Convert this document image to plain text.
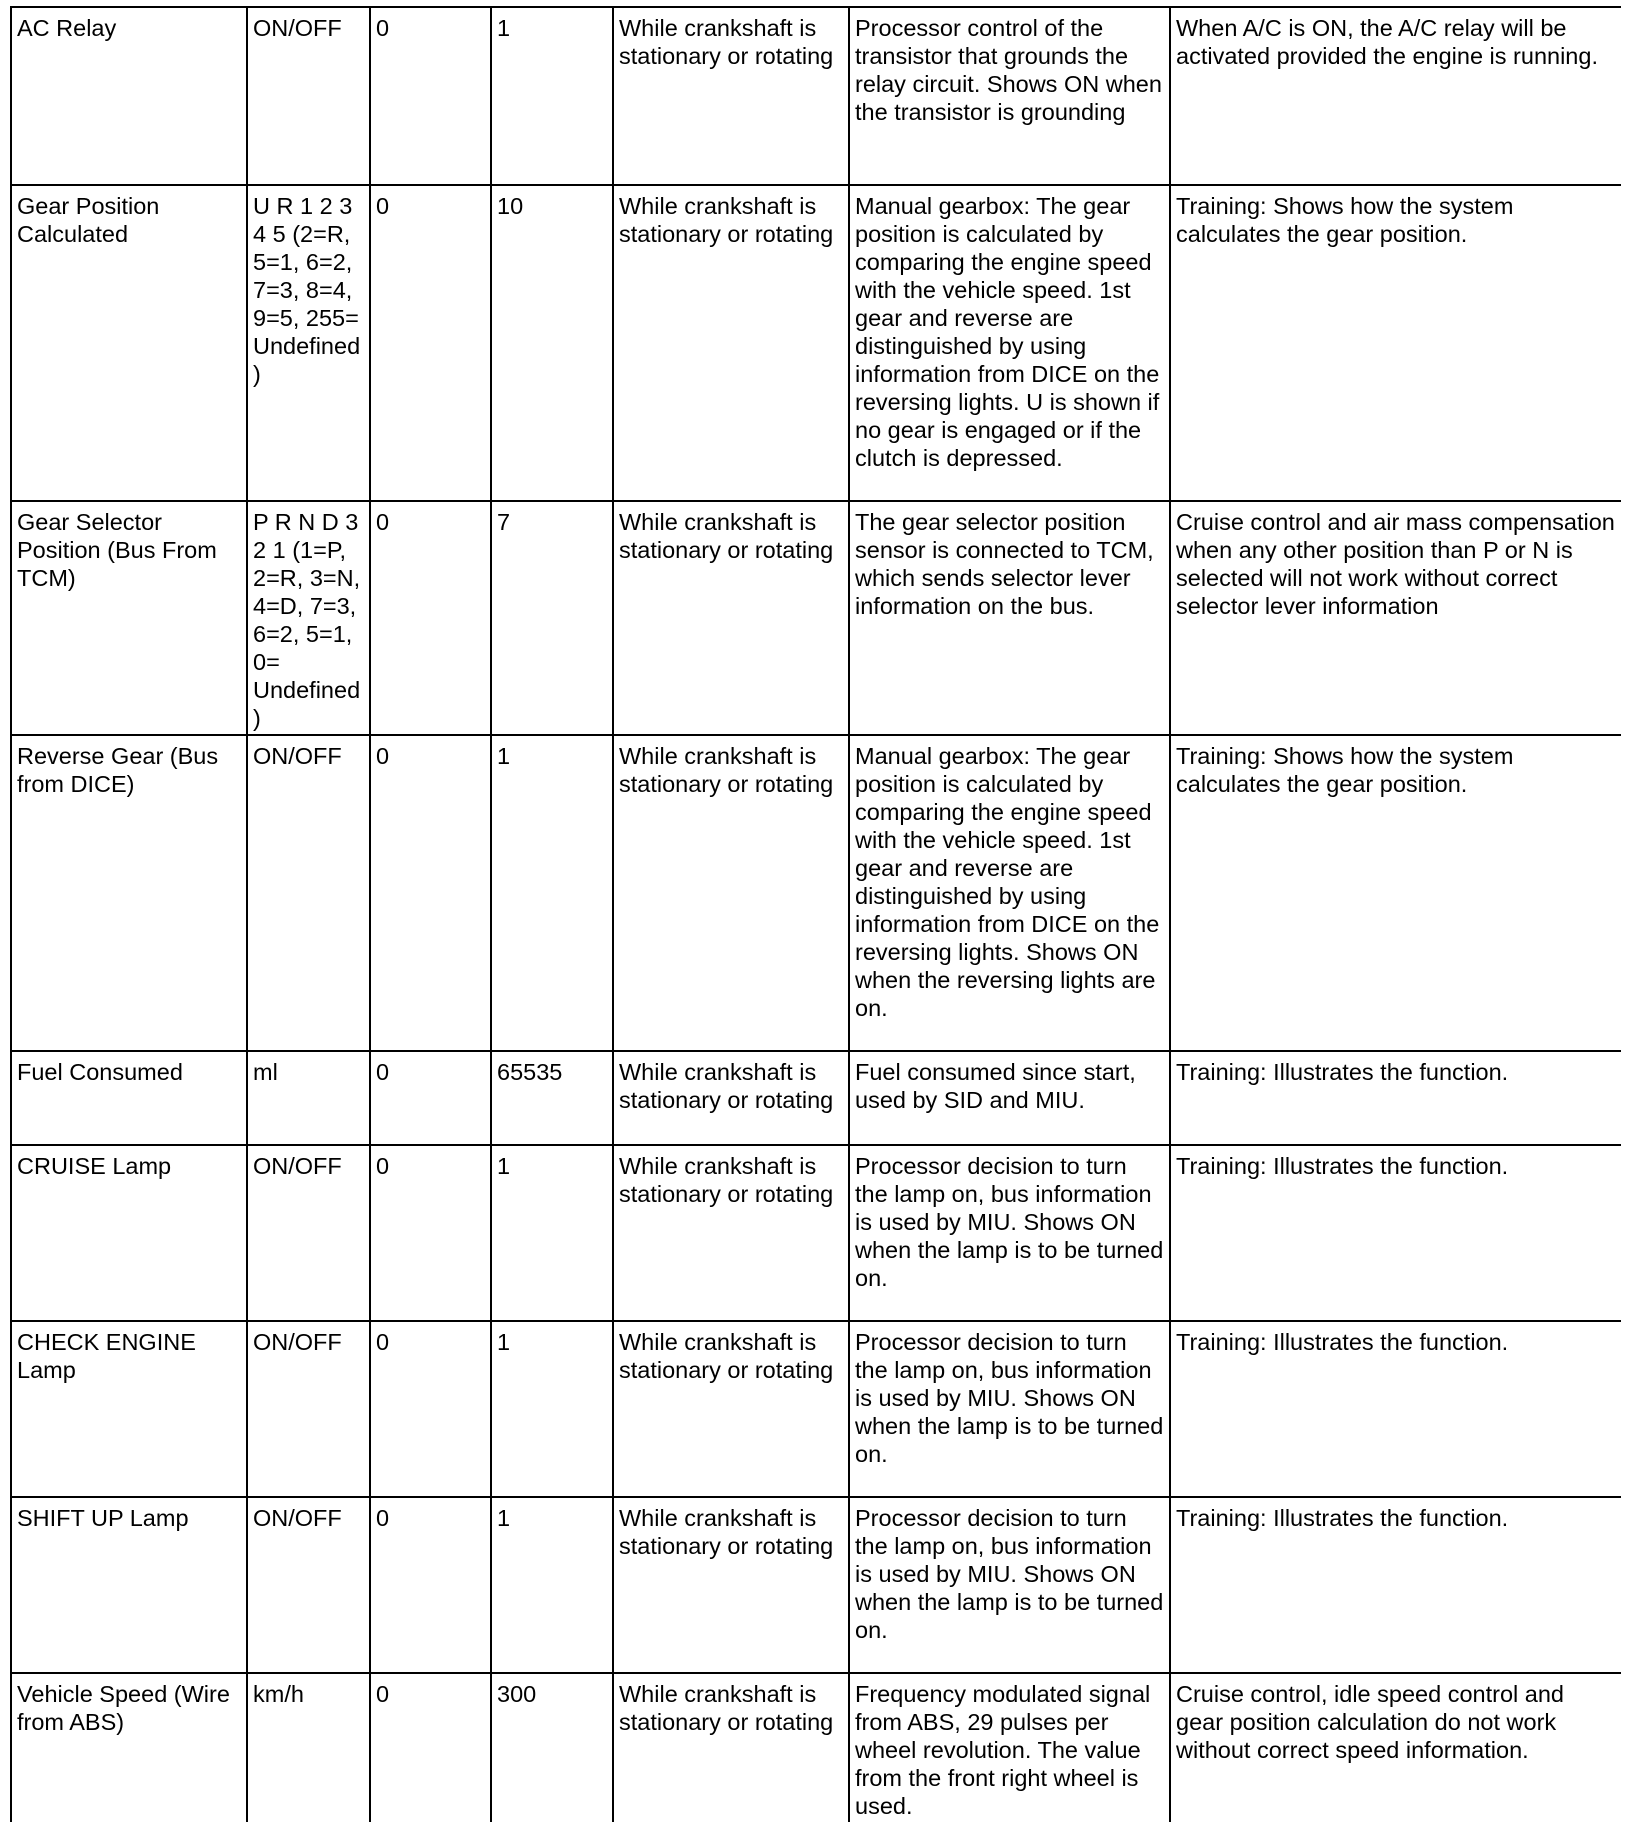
AC Relay	ON/OFF	0	1	While crankshaft is stationary or rotating	Processor control of the transistor that grounds the relay circuit. Shows ON when the transistor is grounding	When A/C is ON, the A/C relay will be activated provided the engine is running.
Gear Position Calculated	U R 1 2 3 4 5 (2=R, 5=1, 6=2, 7=3, 8=4, 9=5, 255= Undefined)	0	10	While crankshaft is stationary or rotating	Manual gearbox: The gear position is calculated by comparing the engine speed with the vehicle speed. 1st gear and reverse are distinguished by using information from DICE on the reversing lights. U is shown if no gear is engaged or if the clutch is depressed.	Training: Shows how the system calculates the gear position.
Gear Selector Position (Bus From TCM)	P R N D 3 2 1 (1=P, 2=R, 3=N, 4=D, 7=3, 6=2, 5=1, 0= Undefined)	0	7	While crankshaft is stationary or rotating	The gear selector position sensor is connected to TCM, which sends selector lever information on the bus.	Cruise control and air mass compensation when any other position than P or N is selected will not work without correct selector lever information
Reverse Gear (Bus from DICE)	ON/OFF	0	1	While crankshaft is stationary or rotating	Manual gearbox: The gear position is calculated by comparing the engine speed with the vehicle speed. 1st gear and reverse are distinguished by using information from DICE on the reversing lights. Shows ON when the reversing lights are on.	Training: Shows how the system calculates the gear position.
Fuel Consumed	ml	0	65535	While crankshaft is stationary or rotating	Fuel consumed since start, used by SID and MIU.	Training: Illustrates the function.
CRUISE Lamp	ON/OFF	0	1	While crankshaft is stationary or rotating	Processor decision to turn the lamp on, bus information is used by MIU. Shows ON when the lamp is to be turned on.	Training: Illustrates the function.
CHECK ENGINE Lamp	ON/OFF	0	1	While crankshaft is stationary or rotating	Processor decision to turn the lamp on, bus information is used by MIU. Shows ON when the lamp is to be turned on.	Training: Illustrates the function.
SHIFT UP Lamp	ON/OFF	0	1	While crankshaft is stationary or rotating	Processor decision to turn the lamp on, bus information is used by MIU. Shows ON when the lamp is to be turned on.	Training: Illustrates the function.
Vehicle Speed (Wire from ABS)	km/h	0	300	While crankshaft is stationary or rotating	Frequency modulated signal from ABS, 29 pulses per wheel revolution. The value from the front right wheel is used.	Cruise control, idle speed control and gear position calculation do not work without correct speed information.
